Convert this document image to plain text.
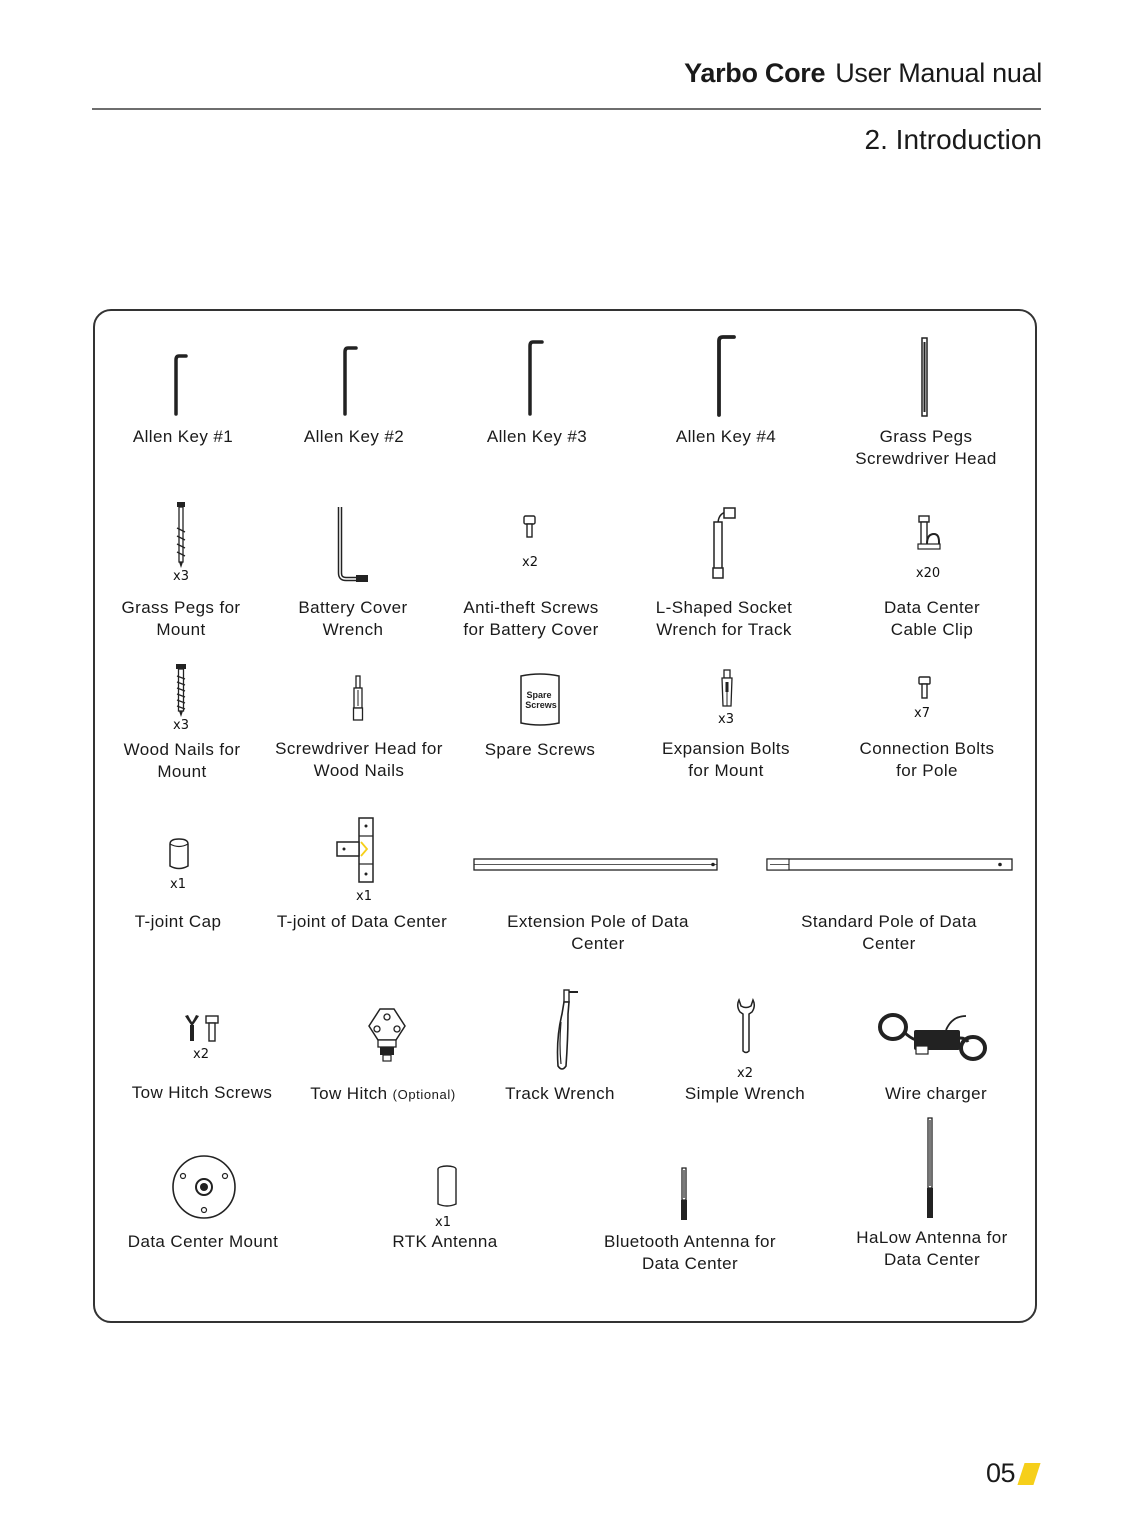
Yarbo Core User Manual nual
2. Introduction
Allen Key #1	Allen Key #2	Allen Key #3	Allen Key #4	Grass Pegs
Screwdriver Head
x3
Grass Pegs for
Mount
Battery Cover
Wrench
x2
Anti-theft Screws
for Battery Cover
L-Shaped Socket
Wrench for Track
x20
Data Center
Cable Clip
x3
Wood Nails for
Mount
Screwdriver Head for
Wood Nails
Spare
Screws
Spare Screws
x3
Expansion Bolts
for Mount
x7
Connection Bolts
for Pole
x1
T-joint Cap
x1
T-joint of Data Center	Extension Pole of Data
Center
Standard Pole of Data
Center
x2
Tow Hitch Screws Tow Hitch (Optional)	Track Wrench
x2
Simple Wrench	Wire charger
Data Center Mount
x1
RTK Antenna	Bluetooth Antenna for
Data Center
HaLow Antenna for
Data Center
05
